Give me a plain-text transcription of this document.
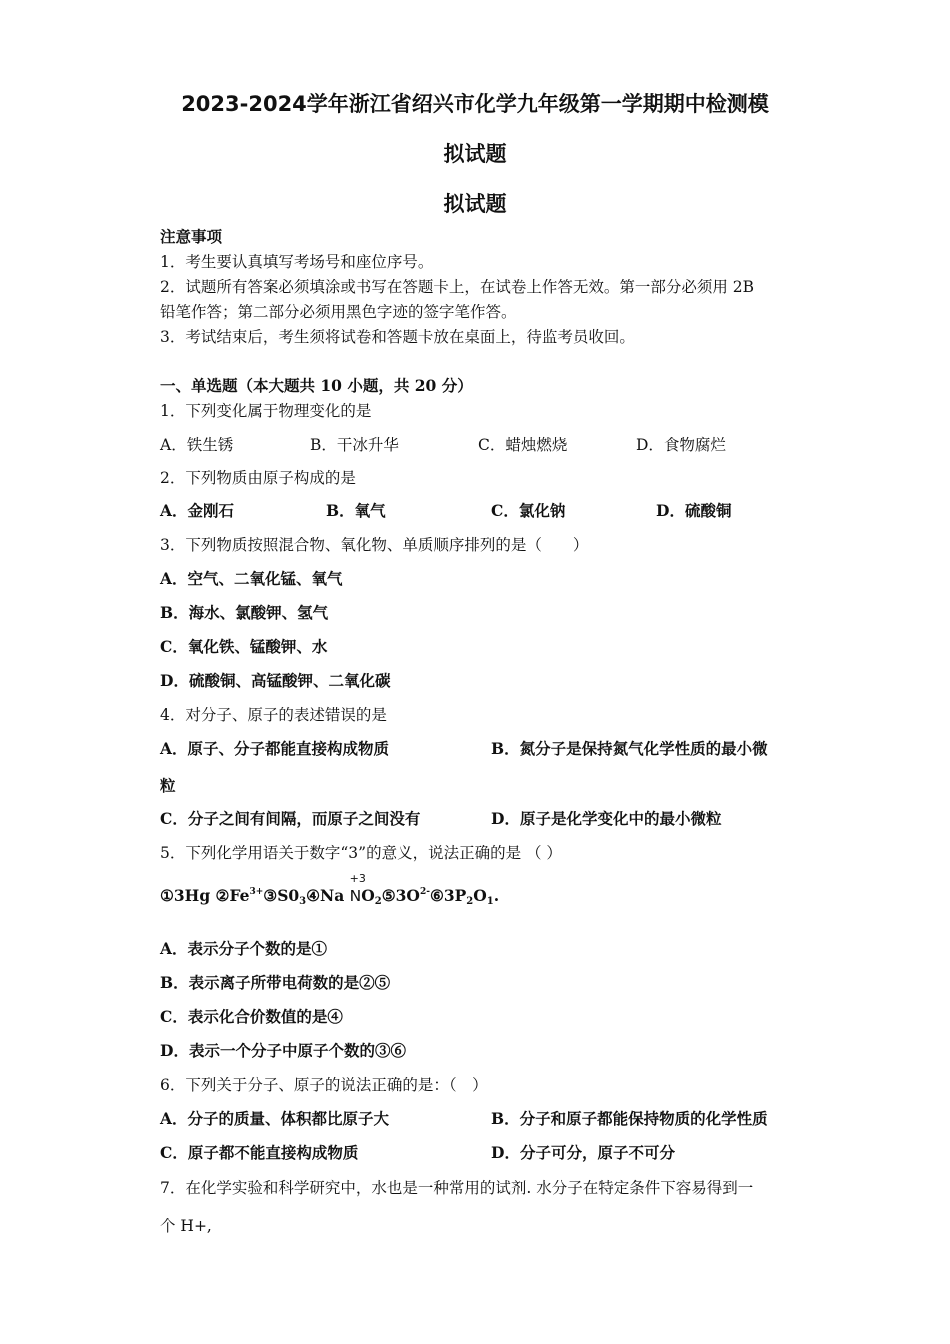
2023-2024学年浙江省绍兴市化学九年级第一学期期中检测模
拟试题
拟试题
注意事项
1．考生要认真填写考场号和座位序号。
2．试题所有答案必须填涂或书写在答题卡上，在试卷上作答无效。第一部分必须用 2B
铅笔作答；第二部分必须用黑色字迹的签字笔作答。
3．考试结束后，考生须将试卷和答题卡放在桌面上，待监考员收回。
一、单选题（本大题共 10 小题，共 20 分）
1．下列变化属于物理变化的是
A．铁生锈	B．干冰升华	C．蜡烛燃烧	D．食物腐烂
2．下列物质由原子构成的是
A．金刚石	B．氧气	C．氯化钠	D．硫酸铜
3．下列物质按照混合物、氧化物、单质顺序排列的是（　　）
A．空气、二氧化锰、氧气
B．海水、氯酸钾、氢气
C．氧化铁、锰酸钾、水
D．硫酸铜、高锰酸钾、二氧化碳
4．对分子、原子的表述错误的是
A．原子、分子都能直接构成物质	B．氮分子是保持氮气化学性质的最小微
粒
C．分子之间有间隔，而原子之间没有	D．原子是化学变化中的最小微粒
5．下列化学用语关于数字“3”的意义，说法正确的是 （ ）
①3Hg $②Fe^{3+}③S0_3④Na$
+3
$NO_2⑤3O^{2-}⑥3P_2O_1$.
A．表示分子个数的是①
B．表示离子所带电荷数的是②⑤
C．表示化合价数值的是④
D．表示一个分子中原子个数的③⑥
6．下列关于分子、原子的说法正确的是：（　）
A．分子的质量、体积都比原子大	B．分子和原子都能保持物质的化学性质
C．原子都不能直接构成物质	D．分子可分，原子不可分
7．在化学实验和科学研究中，水也是一种常用的试剂. 水分子在特定条件下容易得到一
个 H+,
